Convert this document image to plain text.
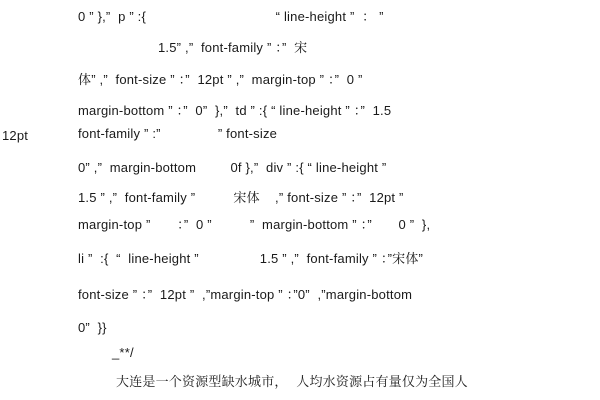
0 ” },”  p ” :{                                  “ line-height ”  ： ”
1.5” ,”  font-family ” ：”  宋
体” ,”  font-size ” ：”  12pt ” ,”  margin-top ” ：”  0 ”
margin-bottom ” ：”  0”  },”  td ” :{ “ line-height ” ：”  1.5
12pt	font-family ” :”               ” font-size
0” ,”  margin-bottom         0f },”  div ” :{ “ line-height ”
1.5 ” ,”  font-family ”          宋体    ,” font-size ” ：”  12pt ”
margin-top ”       ：”  0 ”          ”  margin-bottom ” ：”       0 ”  },
li ”  :{  “  line-height ”                1.5 ” ,”  font-family ” ：”宋体”
font-size ” ：”  12pt ”  ,”margin-top ” ：”0”  ,”margin-bottom
0”  }}
_**/
大连是一个资源型缺水城市，  人均水资源占有量仅为全国人
